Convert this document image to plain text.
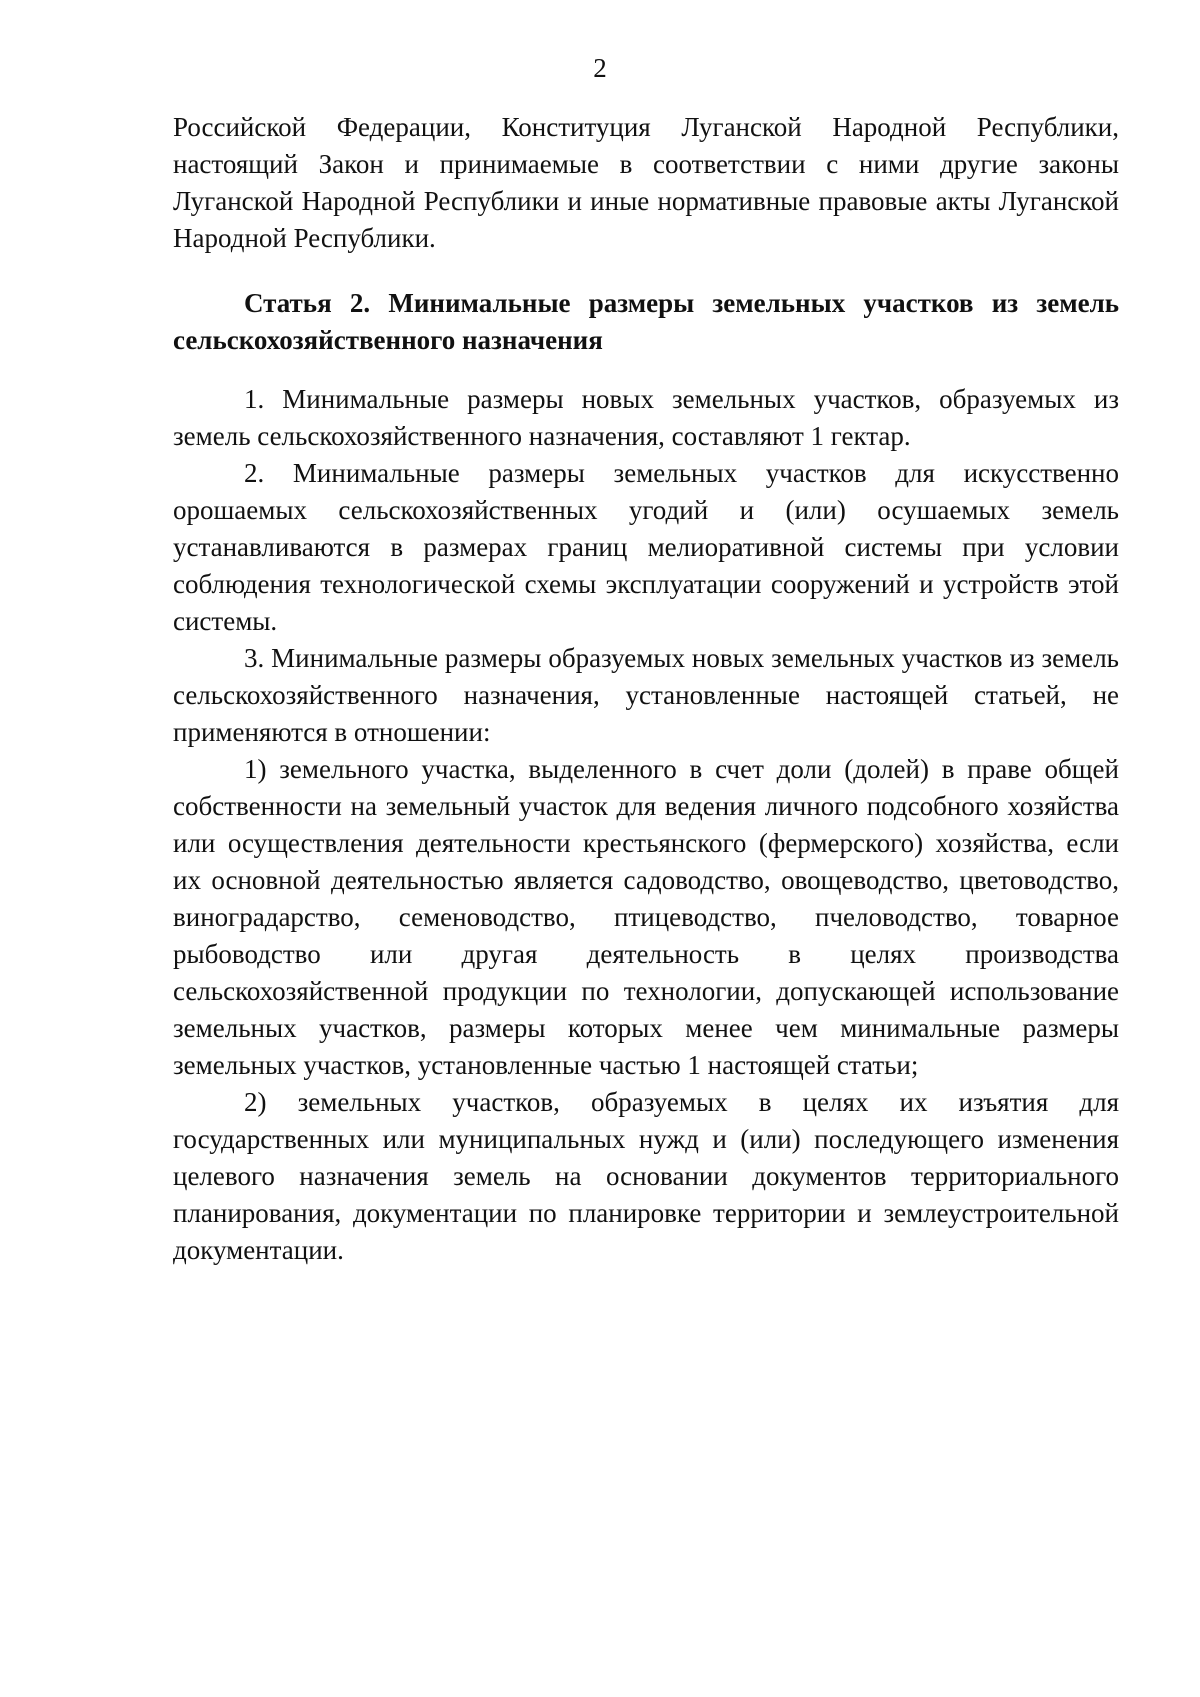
2

Российской Федерации, Конституция Луганской Народной Республики, настоящий Закон и принимаемые в соответствии с ними другие законы Луганской Народной Республики и иные нормативные правовые акты Луганской Народной Республики.

Статья 2. Минимальные размеры земельных участков из земель сельскохозяйственного назначения

1. Минимальные размеры новых земельных участков, образуемых из земель сельскохозяйственного назначения, составляют 1 гектар.

2. Минимальные размеры земельных участков для искусственно орошаемых сельскохозяйственных угодий и (или) осушаемых земель устанавливаются в размерах границ мелиоративной системы при условии соблюдения технологической схемы эксплуатации сооружений и устройств этой системы.

3. Минимальные размеры образуемых новых земельных участков из земель сельскохозяйственного назначения, установленные настоящей статьей, не применяются в отношении:

1) земельного участка, выделенного в счет доли (долей) в праве общей собственности на земельный участок для ведения личного подсобного хозяйства или осуществления деятельности крестьянского (фермерского) хозяйства, если их основной деятельностью является садоводство, овощеводство, цветоводство, виноградарство, семеноводство, птицеводство, пчеловодство, товарное рыбоводство или другая деятельность в целях производства сельскохозяйственной продукции по технологии, допускающей использование земельных участков, размеры которых менее чем минимальные размеры земельных участков, установленные частью 1 настоящей статьи;

2) земельных участков, образуемых в целях их изъятия для государственных или муниципальных нужд и (или) последующего изменения целевого назначения земель на основании документов территориального планирования, документации по планировке территории и землеустроительной документации.
